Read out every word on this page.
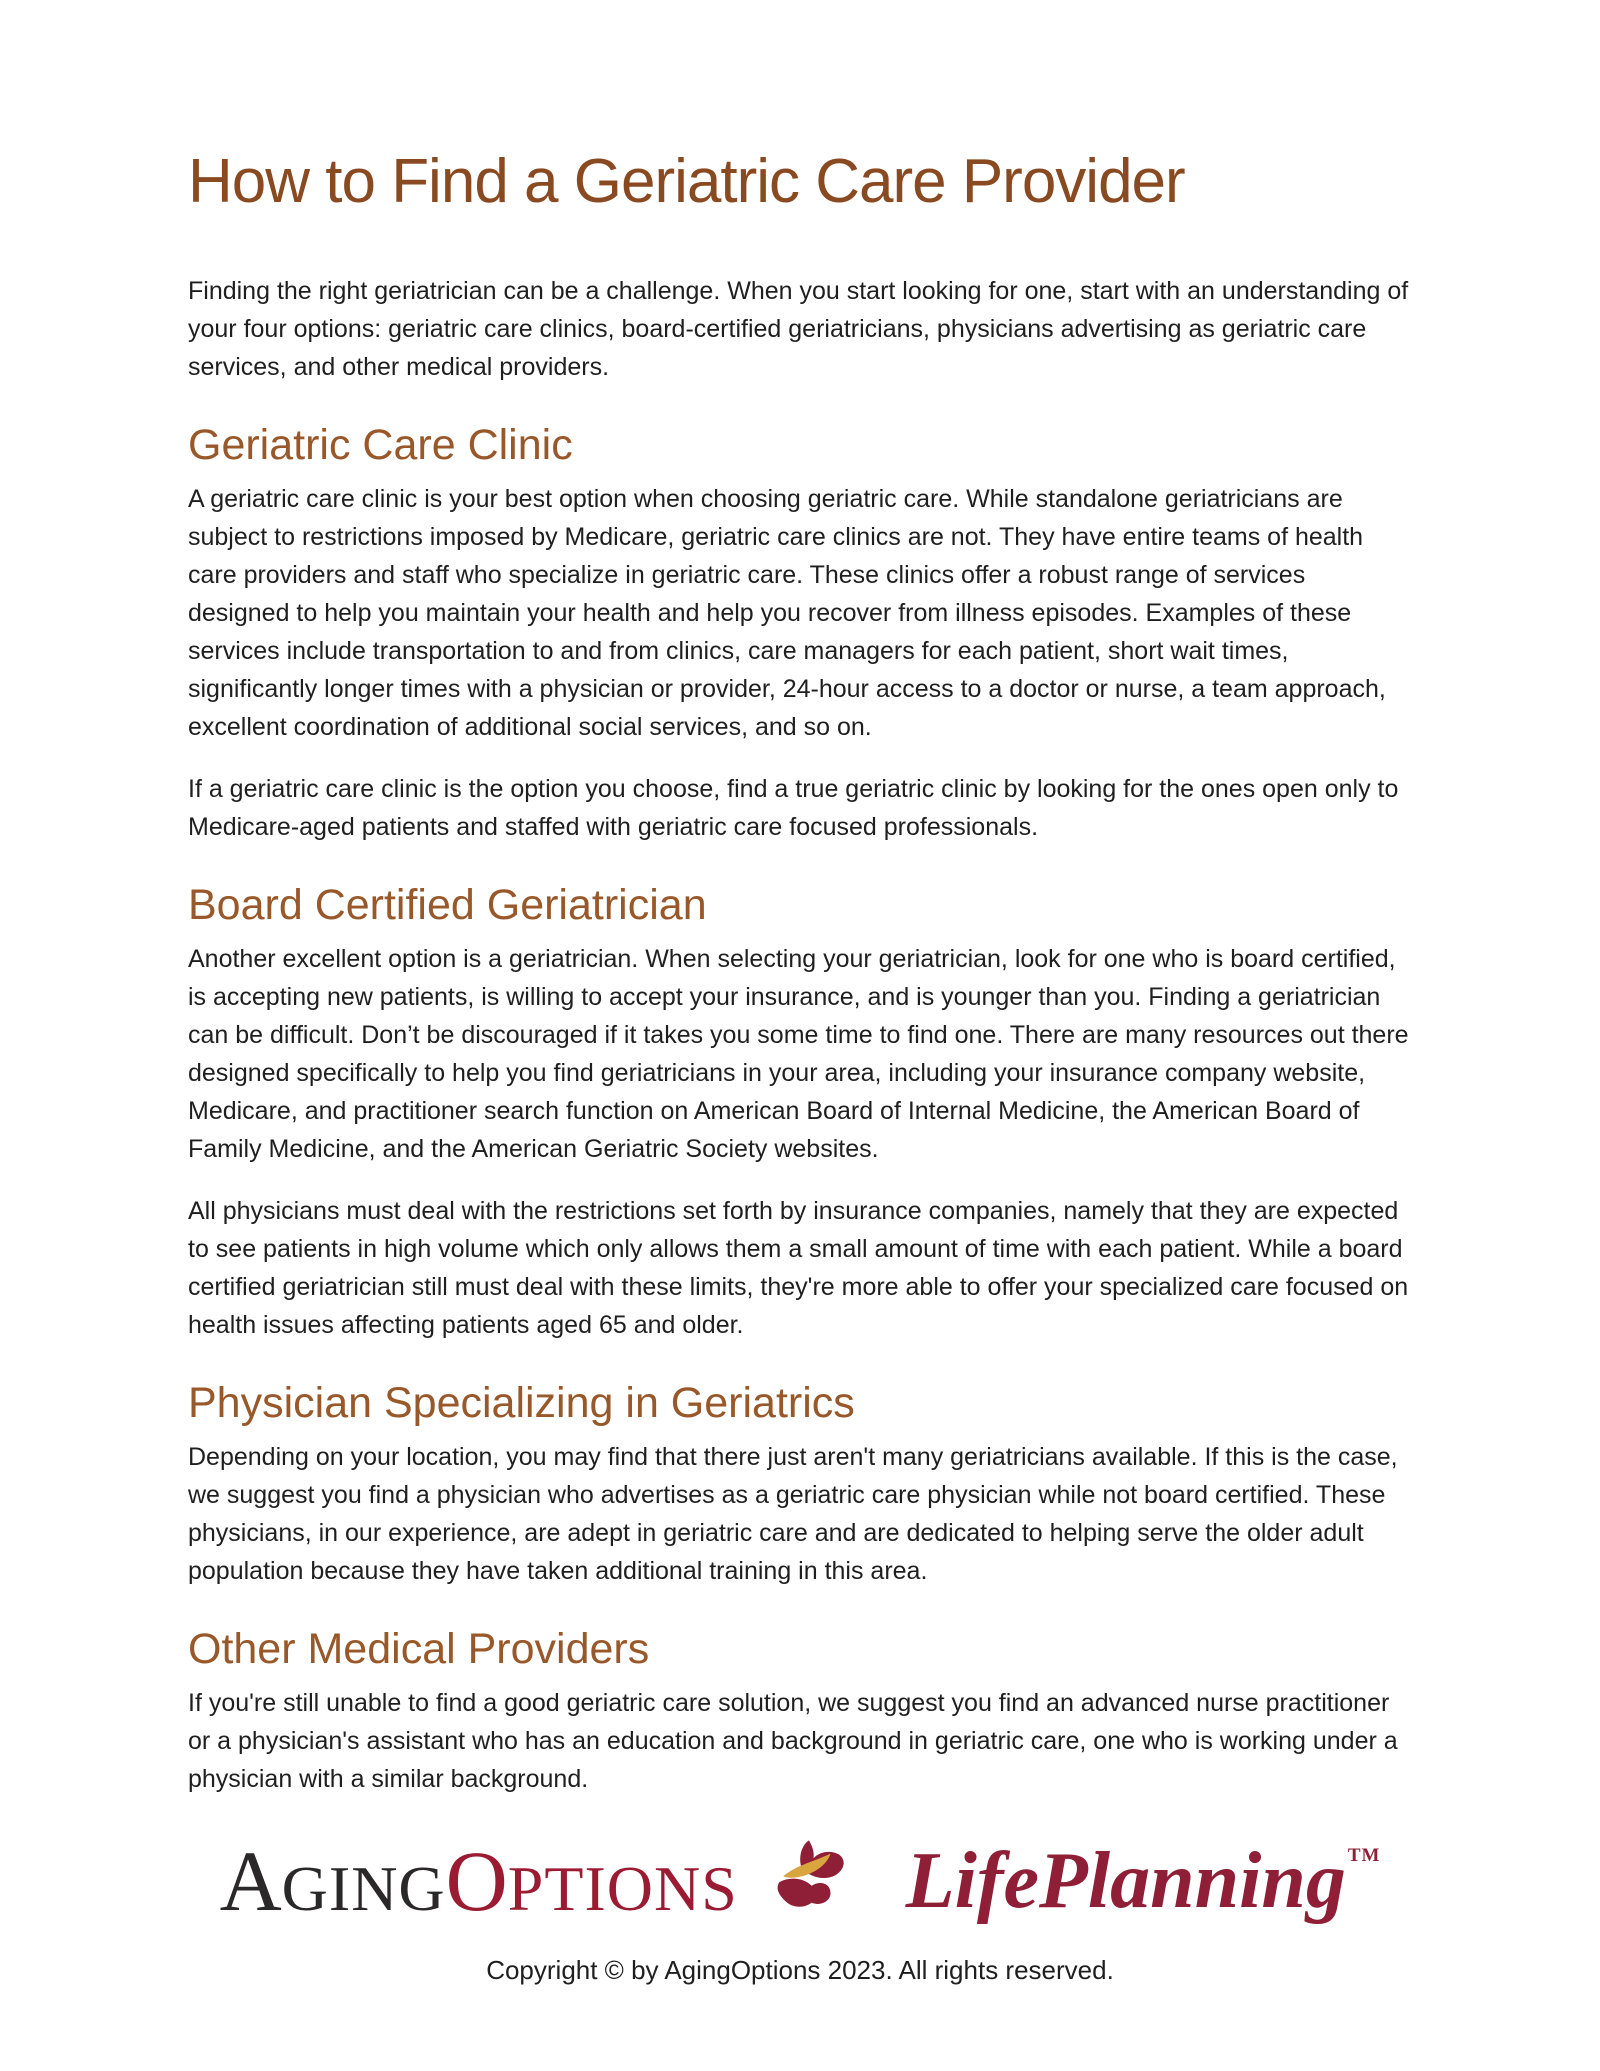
How to Find a Geriatric Care Provider

Finding the right geriatrician can be a challenge. When you start looking for one, start with an understanding of your four options: geriatric care clinics, board-certified geriatricians, physicians advertising as geriatric care services, and other medical providers.

Geriatric Care Clinic

A geriatric care clinic is your best option when choosing geriatric care. While standalone geriatricians are subject to restrictions imposed by Medicare, geriatric care clinics are not. They have entire teams of health care providers and staff who specialize in geriatric care. These clinics offer a robust range of services designed to help you maintain your health and help you recover from illness episodes. Examples of these services include transportation to and from clinics, care managers for each patient, short wait times, significantly longer times with a physician or provider, 24-hour access to a doctor or nurse, a team approach, excellent coordination of additional social services, and so on.

If a geriatric care clinic is the option you choose, find a true geriatric clinic by looking for the ones open only to Medicare-aged patients and staffed with geriatric care focused professionals.

Board Certified Geriatrician

Another excellent option is a geriatrician. When selecting your geriatrician, look for one who is board certified, is accepting new patients, is willing to accept your insurance, and is younger than you. Finding a geriatrician can be difficult. Don’t be discouraged if it takes you some time to find one. There are many resources out there designed specifically to help you find geriatricians in your area, including your insurance company website, Medicare, and practitioner search function on American Board of Internal Medicine, the American Board of Family Medicine, and the American Geriatric Society websites.

All physicians must deal with the restrictions set forth by insurance companies, namely that they are expected to see patients in high volume which only allows them a small amount of time with each patient. While a board certified geriatrician still must deal with these limits, they're more able to offer your specialized care focused on health issues affecting patients aged 65 and older.

Physician Specializing in Geriatrics

Depending on your location, you may find that there just aren't many geriatricians available. If this is the case, we suggest you find a physician who advertises as a geriatric care physician while not board certified. These physicians, in our experience, are adept in geriatric care and are dedicated to helping serve the older adult population because they have taken additional training in this area.

Other Medical Providers

If you're still unable to find a good geriatric care solution, we suggest you find an advanced nurse practitioner or a physician's assistant who has an education and background in geriatric care, one who is working under a physician with a similar background.

AGINGOPTIONS LifePlanning ™
Copyright © by AgingOptions 2023. All rights reserved.
